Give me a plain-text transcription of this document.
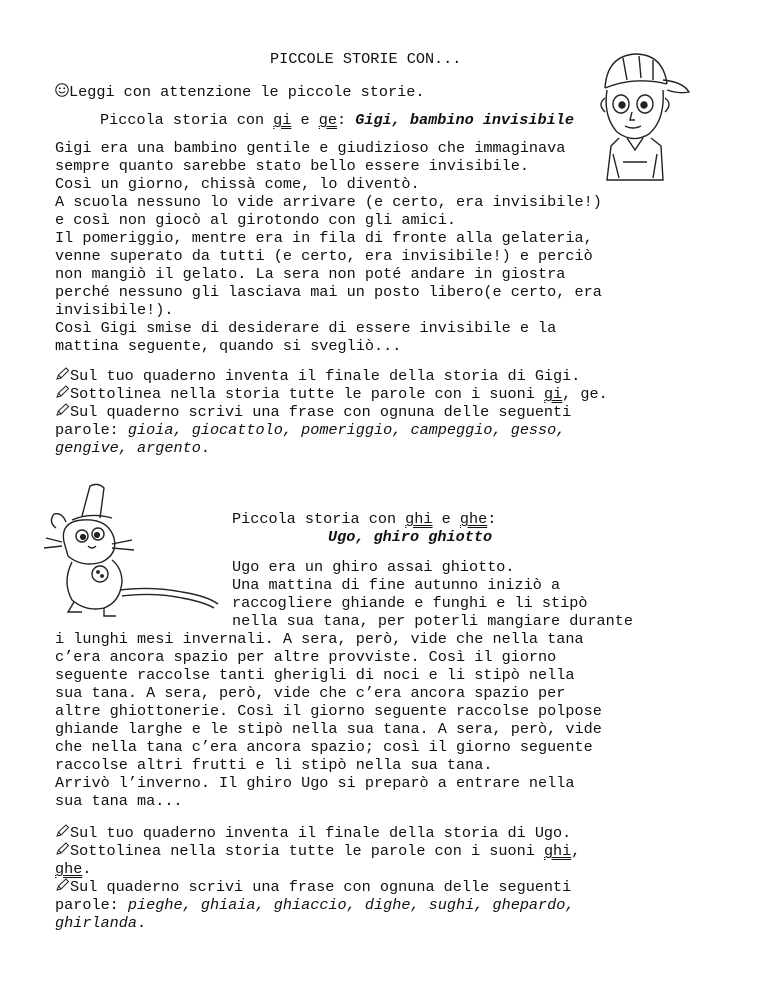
PICCOLE STORIE CON...
Leggi con attenzione le piccole storie.
Piccola storia con gi e ge: Gigi, bambino invisibile
Gigi era una bambino gentile e giudizioso che immaginava
sempre quanto sarebbe stato bello essere invisibile.
Così un giorno, chissà come, lo diventò.
A scuola nessuno lo vide arrivare (e certo, era invisibile!)
e così non giocò al girotondo con gli amici.
Il pomeriggio, mentre era in fila di fronte alla gelateria,
venne superato da tutti (e certo, era invisibile!) e perciò
non mangiò il gelato. La sera non poté andare in giostra
perché nessuno gli lasciava mai un posto libero(e certo, era
invisibile!).
Così Gigi smise di desiderare di essere invisibile e la
mattina seguente, quando si svegliò...
Sul tuo quaderno inventa il finale della storia di Gigi.
Sottolinea nella storia tutte le parole con i suoni gi, ge.
Sul quaderno scrivi una frase con ognuna delle seguenti
parole: gioia, giocattolo, pomeriggio, campeggio, gesso,
gengive, argento.
Piccola storia con ghi e ghe:
Ugo, ghiro ghiotto
Ugo era un ghiro assai ghiotto.
Una mattina di fine autunno iniziò a
raccogliere ghiande e funghi e li stipò
nella sua tana, per poterli mangiare durante
i lunghi mesi invernali. A sera, però, vide che nella tana
c’era ancora spazio per altre provviste. Così il giorno
seguente raccolse tanti gherigli di noci e li stipò nella
sua tana. A sera, però, vide che c’era ancora spazio per
altre ghiottonerie. Così il giorno seguente raccolse polpose
ghiande larghe e le stipò nella sua tana. A sera, però, vide
che nella tana c’era ancora spazio; così il giorno seguente
raccolse altri frutti e li stipò nella sua tana.
Arrivò l’inverno. Il ghiro Ugo si preparò a entrare nella
sua tana ma...
Sul tuo quaderno inventa il finale della storia di Ugo.
Sottolinea nella storia tutte le parole con i suoni ghi,
ghe.
Sul quaderno scrivi una frase con ognuna delle seguenti
parole: pieghe, ghiaia, ghiaccio, dighe, sughi, ghepardo,
ghirlanda.
